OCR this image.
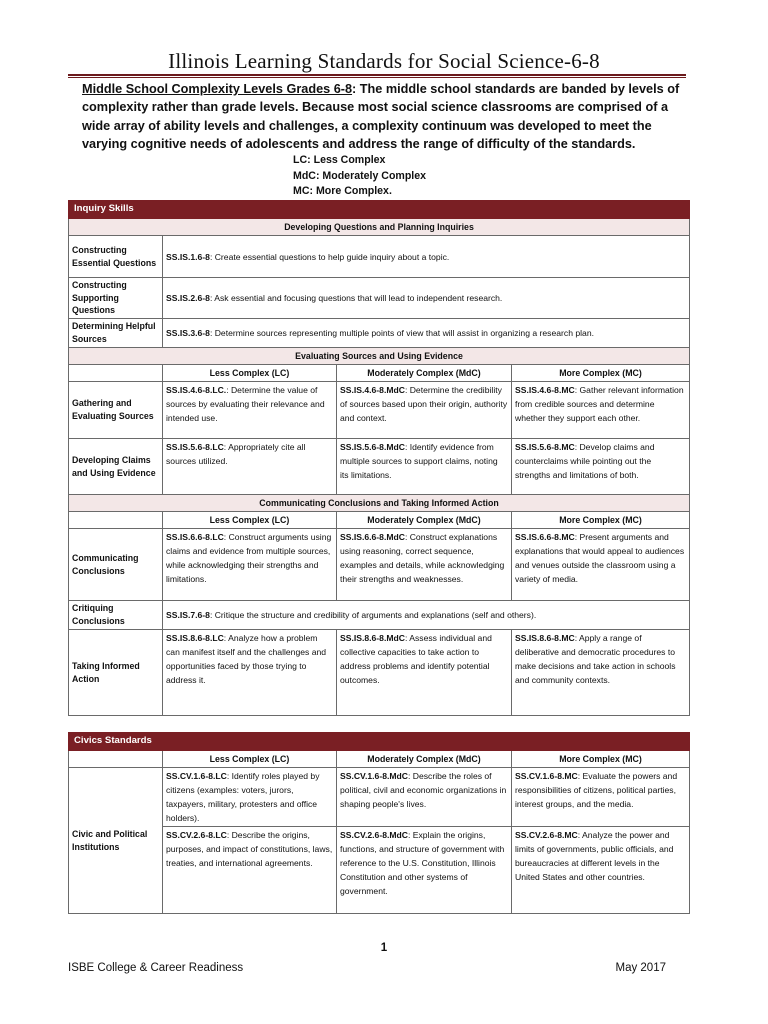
Illinois Learning Standards for Social Science-6-8
Middle School Complexity Levels Grades 6-8: The middle school standards are banded by levels of complexity rather than grade levels. Because most social science classrooms are comprised of a wide array of ability levels and challenges, a complexity continuum was developed to meet the varying cognitive needs of adolescents and address the range of difficulty of the standards.
LC: Less Complex
MdC: Moderately Complex
MC: More Complex.
Inquiry Skills			
Developing Questions and Planning Inquiries			
Constructing Essential Questions	SS.IS.1.6-8: Create essential questions to help guide inquiry about a topic.		
Constructing Supporting Questions	SS.IS.2.6-8: Ask essential and focusing questions that will lead to independent research.		
Determining Helpful Sources	SS.IS.3.6-8: Determine sources representing multiple points of view that will assist in organizing a research plan.		
Evaluating Sources and Using Evidence			
	Less Complex (LC)	Moderately Complex (MdC)	More Complex (MC)
Gathering and Evaluating Sources	SS.IS.4.6-8.LC.: Determine the value of sources by evaluating their relevance and intended use.	SS.IS.4.6-8.MdC: Determine the credibility of sources based upon their origin, authority and context.	SS.IS.4.6-8.MC: Gather relevant information from credible sources and determine whether they support each other.
Developing Claims and Using Evidence	SS.IS.5.6-8.LC: Appropriately cite all sources utilized.	SS.IS.5.6-8.MdC: Identify evidence from multiple sources to support claims, noting its limitations.	SS.IS.5.6-8.MC: Develop claims and counterclaims while pointing out the strengths and limitations of both.
Communicating Conclusions and Taking Informed Action			
	Less Complex (LC)	Moderately Complex (MdC)	More Complex (MC)
Communicating Conclusions	SS.IS.6.6-8.LC: Construct arguments using claims and evidence from multiple sources, while acknowledging their strengths and limitations.	SS.IS.6.6-8.MdC: Construct explanations using reasoning, correct sequence, examples and details, while acknowledging their strengths and weaknesses.	SS.IS.6.6-8.MC: Present arguments and explanations that would appeal to audiences and venues outside the classroom using a variety of media.
Critiquing Conclusions	SS.IS.7.6-8: Critique the structure and credibility of arguments and explanations (self and others).		
Taking Informed Action	SS.IS.8.6-8.LC: Analyze how a problem can manifest itself and the challenges and opportunities faced by those trying to address it.	SS.IS.8.6-8.MdC: Assess individual and collective capacities to take action to address problems and identify potential outcomes.	SS.IS.8.6-8.MC: Apply a range of deliberative and democratic procedures to make decisions and take action in schools and community contexts.
Civics Standards			
	Less Complex (LC)	Moderately Complex (MdC)	More Complex (MC)
Civic and Political Institutions	SS.CV.1.6-8.LC: Identify roles played by citizens (examples: voters, jurors, taxpayers, military, protesters and office holders).	SS.CV.1.6-8.MdC: Describe the roles of political, civil and economic organizations in shaping people's lives.	SS.CV.1.6-8.MC: Evaluate the powers and responsibilities of citizens, political parties, interest groups, and the media.
	SS.CV.2.6-8.LC: Describe the origins, purposes, and impact of constitutions, laws, treaties, and international agreements.	SS.CV.2.6-8.MdC: Explain the origins, functions, and structure of government with reference to the U.S. Constitution, Illinois Constitution and other systems of government.	SS.CV.2.6-8.MC: Analyze the power and limits of governments, public officials, and bureaucracies at different levels in the United States and other countries.
1
ISBE College & Career Readiness	May 2017
